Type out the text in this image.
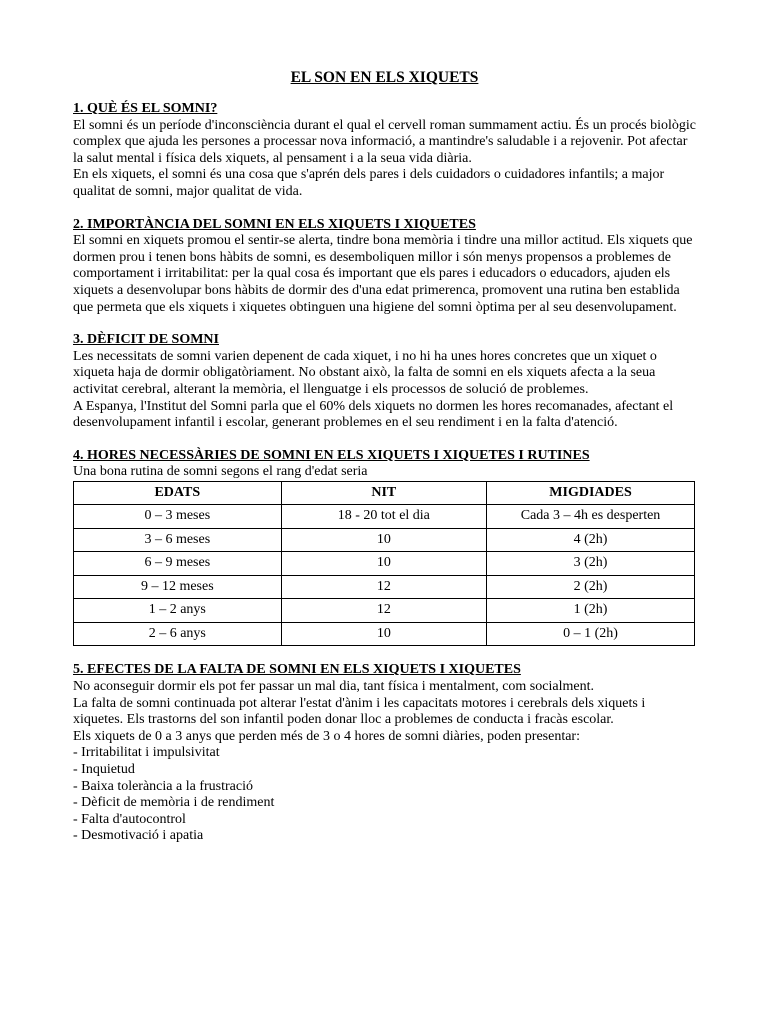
EL SON EN ELS XIQUETS
1. QUÈ ÉS EL SOMNI?

El somni és un període d'inconsciència durant el qual el cervell roman summament actiu. És un procés biològic complex que ajuda les persones a processar nova informació, a mantindre's saludable i a rejovenir. Pot afectar la salut mental i física dels xiquets, al pensament i a la seua vida diària.

En els xiquets, el somni és una cosa que s'aprén dels pares i dels cuidadors o cuidadores infantils; a major qualitat de somni, major qualitat de vida.

2. IMPORTÀNCIA DEL SOMNI EN ELS XIQUETS I XIQUETES

El somni en xiquets promou el sentir-se alerta, tindre bona memòria i tindre una millor actitud. Els xiquets que dormen prou i tenen bons hàbits de somni, es desemboliquen millor i són menys propensos a problemes de comportament i irritabilitat: per la qual cosa és important que els pares i educadors o educadors, ajuden els xiquets a desenvolupar bons hàbits de dormir des d'una edat primerenca, promovent una rutina ben establida que permeta que els xiquets i xiquetes obtinguen una higiene del somni òptima per al seu desenvolupament.

3. DÈFICIT DE SOMNI

Les necessitats de somni varien depenent de cada xiquet, i no hi ha unes hores concretes que un xiquet o xiqueta haja de dormir obligatòriament. No obstant això, la falta de somni en els xiquets afecta a la seua activitat cerebral, alterant la memòria, el llenguatge i els processos de solució de problemes.

A Espanya, l'Institut del Somni parla que el 60% dels xiquets no dormen les hores recomanades, afectant el desenvolupament infantil i escolar, generant problemes en el seu rendiment i en la falta d'atenció.

4. HORES NECESSÀRIES DE SOMNI EN ELS XIQUETS I XIQUETES I RUTINES

Una bona rutina de somni segons el rang d'edat seria

EDATS	NIT	MIGDIADES
0 – 3 meses	18 - 20 tot el dia	Cada 3 – 4h es desperten
3 – 6 meses	10	4 (2h)
6 – 9 meses	10	3 (2h)
9 – 12 meses	12	2 (2h)
1 – 2 anys	12	1 (2h)
2 – 6 anys	10	0 – 1 (2h)
5. EFECTES DE LA FALTA DE SOMNI EN ELS XIQUETS I XIQUETES

No aconseguir dormir els pot fer passar un mal dia, tant física i mentalment, com socialment.

La falta de somni continuada pot alterar l'estat d'ànim i les capacitats motores i cerebrals dels xiquets i xiquetes. Els trastorns del son infantil poden donar lloc a problemes de conducta i fracàs escolar.

Els xiquets de 0 a 3 anys que perden més de 3 o 4 hores de somni diàries, poden presentar:

- Irritabilitat i impulsivitat
- Inquietud
- Baixa tolerància a la frustració
- Dèficit de memòria i de rendiment
- Falta d'autocontrol
- Desmotivació i apatia
